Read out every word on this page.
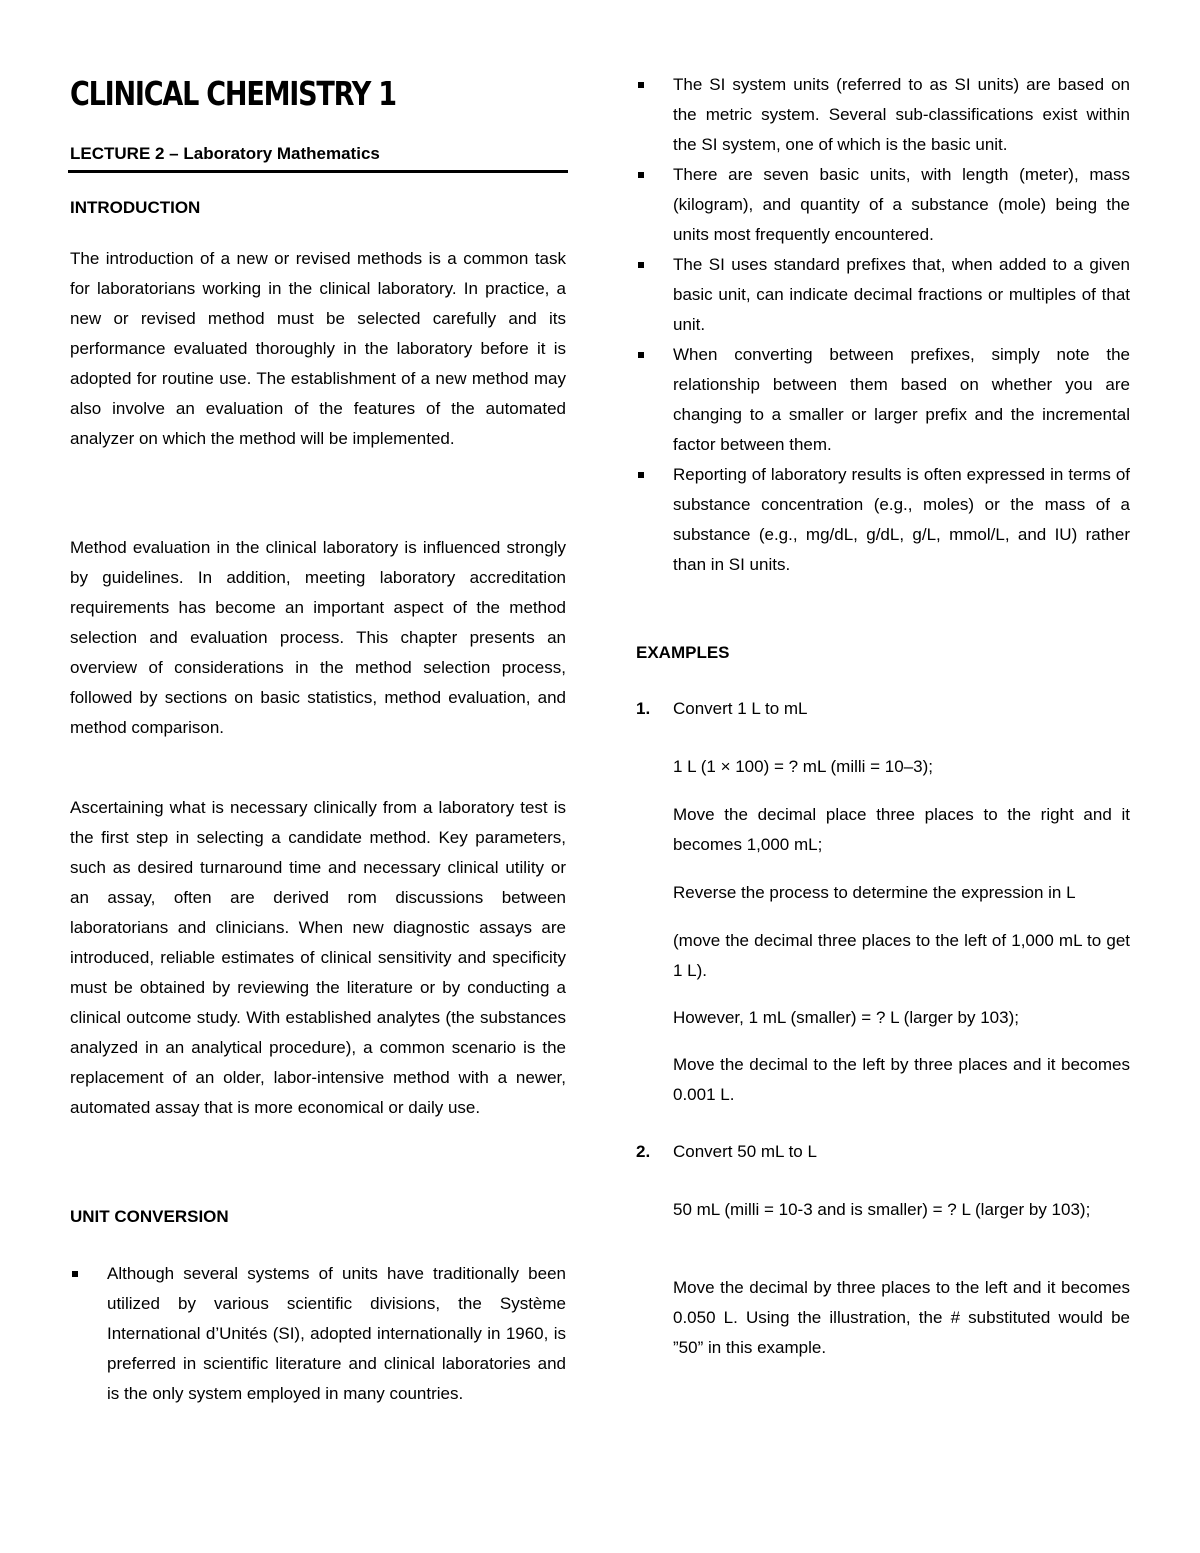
CLINICAL CHEMISTRY 1
LECTURE 2 – Laboratory Mathematics
INTRODUCTION

The introduction of a new or revised methods is a common task for laboratorians working in the clinical laboratory. In practice, a new or revised method must be selected carefully and its performance evaluated thoroughly in the laboratory before it is adopted for routine use. The establishment of a new method may also involve an evaluation of the features of the automated analyzer on which the method will be implemented.

Method evaluation in the clinical laboratory is influenced strongly by guidelines. In addition, meeting laboratory accreditation requirements has become an important aspect of the method selection and evaluation process. This chapter presents an overview of considerations in the method selection process, followed by sections on basic statistics, method evaluation, and method comparison.

Ascertaining what is necessary clinically from a laboratory test is the first step in selecting a candidate method. Key parameters, such as desired turnaround time and necessary clinical utility or an assay, often are derived rom discussions between laboratorians and clinicians. When new diagnostic assays are introduced, reliable estimates of clinical sensitivity and specificity must be obtained by reviewing the literature or by conducting a clinical outcome study. With established analytes (the substances analyzed in an analytical procedure), a common scenario is the replacement of an older, labor-intensive method with a newer, automated assay that is more economical or daily use.

UNIT CONVERSION
Although several systems of units have traditionally been utilized by various scientific divisions, the Système International d’Unités (SI), adopted internationally in 1960, is preferred in scientific literature and clinical laboratories and is the only system employed in many countries.
The SI system units (referred to as SI units) are based on the metric system. Several sub-classifications exist within the SI system, one of which is the basic unit.
There are seven basic units, with length (meter), mass (kilogram), and quantity of a substance (mole) being the units most frequently encountered.
The SI uses standard prefixes that, when added to a given basic unit, can indicate decimal fractions or multiples of that unit.
When converting between prefixes, simply note the relationship between them based on whether you are changing to a smaller or larger prefix and the incremental factor between them.
Reporting of laboratory results is often expressed in terms of substance concentration (e.g., moles) or the mass of a substance (e.g., mg/dL, g/dL, g/L, mmol/L, and IU) rather than in SI units.
EXAMPLES
1. Convert 1 L to mL

1 L (1 × 100) = ? mL (milli = 10–3);

Move the decimal place three places to the right and it becomes 1,000 mL;

Reverse the process to determine the expression in L

(move the decimal three places to the left of 1,000 mL to get 1 L).

However, 1 mL (smaller) = ? L (larger by 103);

Move the decimal to the left by three places and it becomes 0.001 L.

2. Convert 50 mL to L

50 mL (milli = 10-3 and is smaller) = ? L (larger by 103);

Move the decimal by three places to the left and it becomes 0.050 L. Using the illustration, the # substituted would be ”50” in this example.
